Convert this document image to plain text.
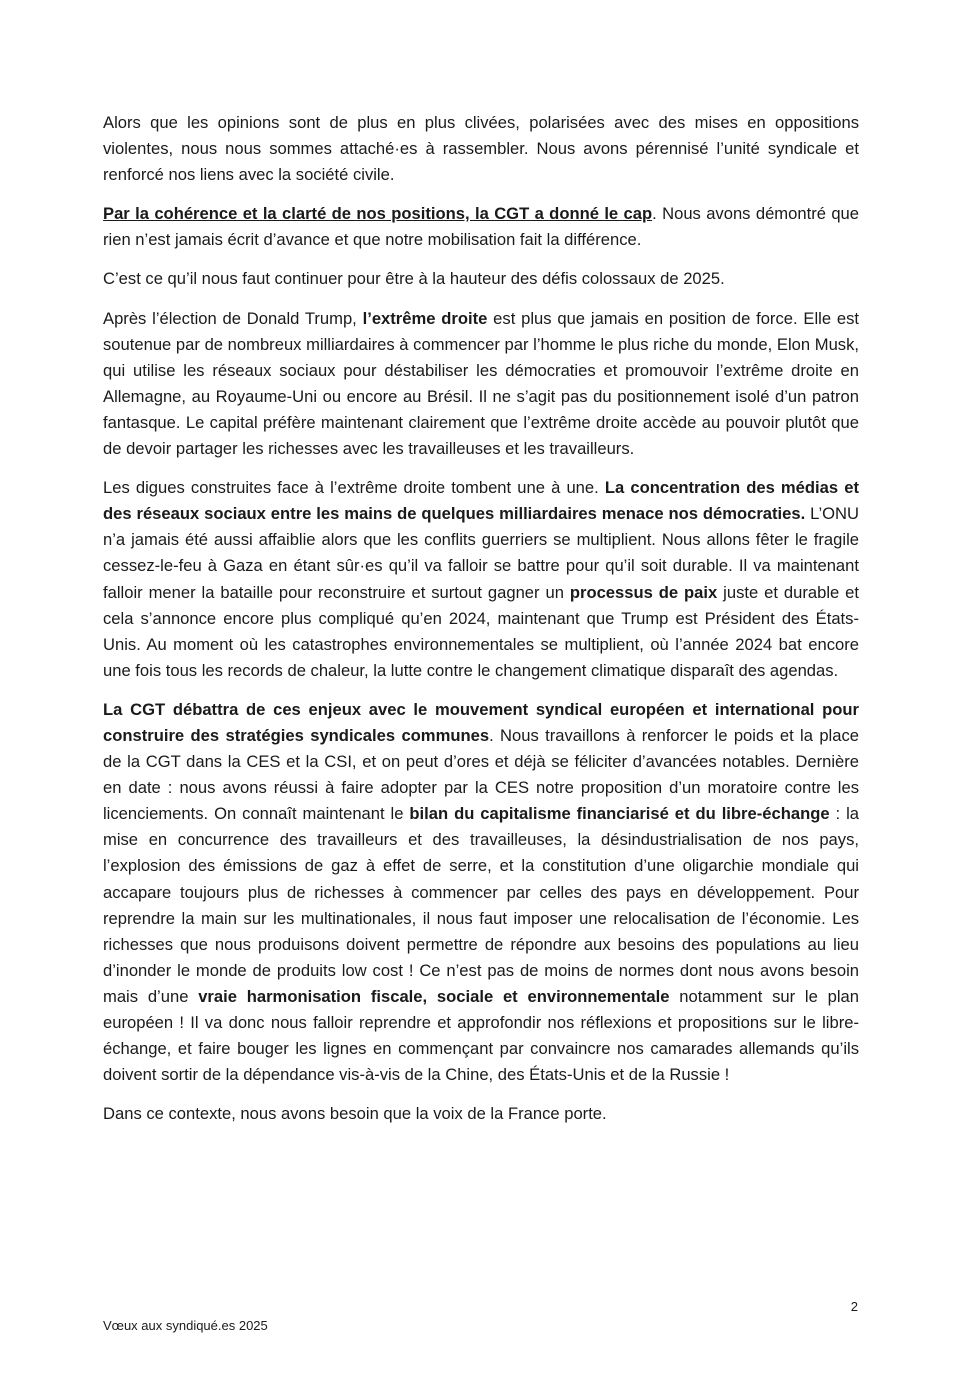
Alors que les opinions sont de plus en plus clivées, polarisées avec des mises en oppositions violentes, nous nous sommes attaché·es à rassembler. Nous avons pérennisé l’unité syndicale et renforcé nos liens avec la société civile.

Par la cohérence et la clarté de nos positions, la CGT a donné le cap. Nous avons démontré que rien n’est jamais écrit d’avance et que notre mobilisation fait la différence.

C’est ce qu’il nous faut continuer pour être à la hauteur des défis colossaux de 2025.

Après l’élection de Donald Trump, l’extrême droite est plus que jamais en position de force. Elle est soutenue par de nombreux milliardaires à commencer par l’homme le plus riche du monde, Elon Musk, qui utilise les réseaux sociaux pour déstabiliser les démocraties et promouvoir l’extrême droite en Allemagne, au Royaume-Uni ou encore au Brésil. Il ne s’agit pas du positionnement isolé d’un patron fantasque. Le capital préfère maintenant clairement que l’extrême droite accède au pouvoir plutôt que de devoir partager les richesses avec les travailleuses et les travailleurs.

Les digues construites face à l’extrême droite tombent une à une. La concentration des médias et des réseaux sociaux entre les mains de quelques milliardaires menace nos démocraties. L’ONU n’a jamais été aussi affaiblie alors que les conflits guerriers se multiplient. Nous allons fêter le fragile cessez-le-feu à Gaza en étant sûr·es qu’il va falloir se battre pour qu’il soit durable. Il va maintenant falloir mener la bataille pour reconstruire et surtout gagner un processus de paix juste et durable et cela s’annonce encore plus compliqué qu’en 2024, maintenant que Trump est Président des États-Unis. Au moment où les catastrophes environnementales se multiplient, où l’année 2024 bat encore une fois tous les records de chaleur, la lutte contre le changement climatique disparaît des agendas.

La CGT débattra de ces enjeux avec le mouvement syndical européen et international pour construire des stratégies syndicales communes. Nous travaillons à renforcer le poids et la place de la CGT dans la CES et la CSI, et on peut d’ores et déjà se féliciter d’avancées notables. Dernière en date : nous avons réussi à faire adopter par la CES notre proposition d’un moratoire contre les licenciements. On connaît maintenant le bilan du capitalisme financiarisé et du libre-échange : la mise en concurrence des travailleurs et des travailleuses, la désindustrialisation de nos pays, l’explosion des émissions de gaz à effet de serre, et la constitution d’une oligarchie mondiale qui accapare toujours plus de richesses à commencer par celles des pays en développement. Pour reprendre la main sur les multinationales, il nous faut imposer une relocalisation de l’économie. Les richesses que nous produisons doivent permettre de répondre aux besoins des populations au lieu d’inonder le monde de produits low cost ! Ce n’est pas de moins de normes dont nous avons besoin mais d’une vraie harmonisation fiscale, sociale et environnementale notamment sur le plan européen ! Il va donc nous falloir reprendre et approfondir nos réflexions et propositions sur le libre-échange, et faire bouger les lignes en commençant par convaincre nos camarades allemands qu’ils doivent sortir de la dépendance vis-à-vis de la Chine, des États-Unis et de la Russie !

Dans ce contexte, nous avons besoin que la voix de la France porte.

2
Vœux aux syndiqué.es 2025
